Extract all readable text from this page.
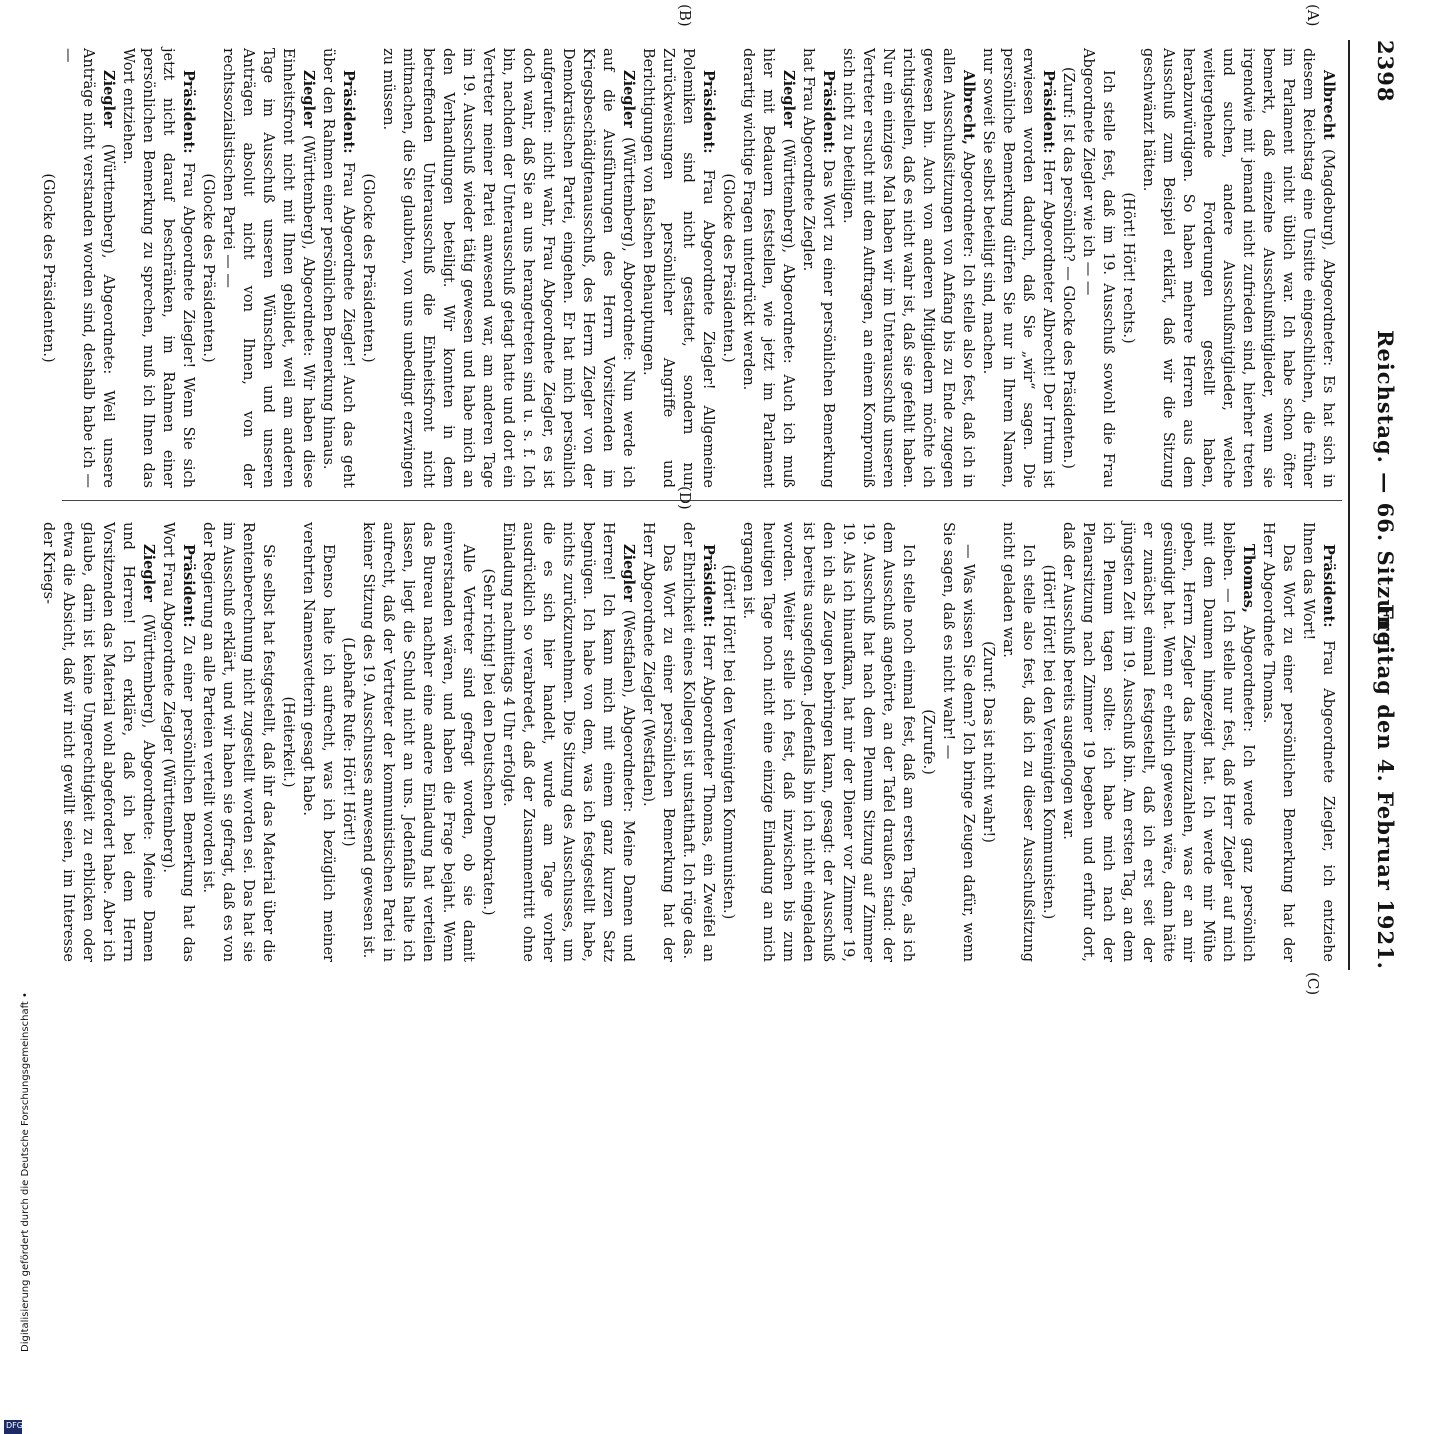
2398
Reichstag. — 66. Sitzung.
Freitag den 4. Februar 1921.
(A)
(B)
(C)
(D)

Albrecht (Magdeburg), Abgeordneter: Es hat sich in diesem Reichstag eine Unsitte eingeschlichen, die früher im Parlament nicht üblich war. Ich habe schon öfter bemerkt, daß einzelne Ausschußmitglieder, wenn sie irgendwie mit jemand nicht zufrieden sind, hierher treten und suchen, andere Ausschußmitglieder, welche weitergehende Forderungen gestellt haben, herabzuwürdigen. So haben mehrere Herren aus dem Ausschuß zum Beispiel erklärt, daß wir die Sitzung geschwänzt hätten.

(Hört! Hört! rechts.)

Ich stelle fest, daß im 19. Ausschuß sowohl die Frau Abgeordnete Ziegler wie ich — —

(Zuruf: Ist das persönlich? — Glocke des Präsidenten.)

Präsident: Herr Abgeordneter Albrecht! Der Irrtum ist erwiesen worden dadurch, daß Sie „wir“ sagen. Die persönliche Bemerkung dürfen Sie nur in Ihrem Namen, nur soweit Sie selbst beteiligt sind, machen.

Albrecht, Abgeordneter: Ich stelle also fest, daß ich in allen Ausschußsitzungen von Anfang bis zu Ende zugegen gewesen bin. Auch von anderen Mitgliedern möchte ich richtigstellen, daß es nicht wahr ist, daß sie gefehlt haben. Nur ein einziges Mal haben wir im Unterausschuß unseren Vertreter ersucht mit dem Auftragen, an einem Kompromiß sich nicht zu beteiligen.

Präsident: Das Wort zu einer persönlichen Bemerkung hat Frau Abgeordnete Ziegler.

Ziegler (Württemberg), Abgeordnete: Auch ich muß hier mit Bedauern feststellen, wie jetzt im Parlament derartig wichtige Fragen unterdrückt werden.

(Glocke des Präsidenten.)

Präsident: Frau Abgeordnete Ziegler! Allgemeine Polemiken sind nicht gestattet, sondern nur Zurückweisungen persönlicher Angriffe und Berichtigungen von falschen Behauptungen.

Ziegler (Württemberg), Abgeordnete: Nun werde ich auf die Ausführungen des Herrn Vorsitzenden im Kriegsbeschädigtenausschuß, des Herrn Ziegler von der Demokratischen Partei, eingehen. Er hat mich persönlich aufgerufen: nicht wahr, Frau Abgeordnete Ziegler, es ist doch wahr, daß Sie an uns herangetreten sind u. s. f. Ich bin, nachdem der Unterausschuß getagt hatte und dort ein Vertreter meiner Partei anwesend war, am anderen Tage im 19. Ausschuß wieder tätig gewesen und habe mich an den Verhandlungen beteiligt. Wir konnten in dem betreffenden Unterausschuß die Einheitsfront nicht mitmachen, die Sie glaubten, von uns unbedingt erzwingen zu müssen.

(Glocke des Präsidenten.)

Präsident: Frau Abgeordnete Ziegler! Auch das geht über den Rahmen einer persönlichen Bemerkung hinaus.

Ziegler (Württemberg), Abgeordnete: Wir haben diese Einheitsfront nicht mit Ihnen gebildet, weil am anderen Tage im Ausschuß unseren Wünschen und unseren Anträgen absolut nicht von Ihnen, von der rechtssozialistischen Partei — —

(Glocke des Präsidenten.)

Präsident: Frau Abgeordnete Ziegler! Wenn Sie sich jetzt nicht darauf beschränken, im Rahmen einer persönlichen Bemerkung zu sprechen, muß ich Ihnen das Wort entziehen.

Ziegler (Württemberg), Abgeordnete: Weil unsere Anträge nicht verstanden worden sind, deshalb habe ich — —

(Glocke des Präsidenten.)

Präsident: Frau Abgeordnete Ziegler, ich entziehe Ihnen das Wort!

Das Wort zu einer persönlichen Bemerkung hat der Herr Abgeordnete Thomas.

Thomas, Abgeordneter: Ich werde ganz persönlich bleiben. — Ich stelle nur fest, daß Herr Ziegler auf mich mit dem Daumen hingezeigt hat. Ich werde mir Mühe geben, Herrn Ziegler das heimzuzahlen, was er an mir gesündigt hat. Wenn er ehrlich gewesen wäre, dann hätte er zunächst einmal festgestellt, daß ich erst seit der jüngsten Zeit im 19. Ausschuß bin. Am ersten Tag, an dem ich Plenum tagen sollte: ich habe mich nach der Plenarsitzung nach Zimmer 19 begeben und erfuhr dort, daß der Ausschuß bereits ausgeflogen war.

(Hört! Hört! bei den Vereinigten Kommunisten.)

Ich stelle also fest, daß ich zu dieser Ausschußsitzung nicht geladen war.

(Zuruf: Das ist nicht wahr!)

— Was wissen Sie denn? Ich bringe Zeugen dafür, wenn Sie sagen, daß es nicht wahr! —

(Zurufe.)

Ich stelle noch einmal fest, daß am ersten Tage, als ich dem Ausschuß angehörte, an der Tafel draußen stand: der 19. Ausschuß hat nach dem Plenum Sitzung auf Zimmer 19. Als ich hinaufkam, hat mir der Diener vor Zimmer 19, den ich als Zeugen bebringen kann, gesagt: der Ausschuß ist bereits ausgeflogen. Jedenfalls bin ich nicht eingeladen worden. Weiter stelle ich fest, daß inzwischen bis zum heutigen Tage noch nicht eine einzige Einladung an mich ergangen ist.

(Hört! Hört! bei den Vereinigten Kommunisten.)

Präsident: Herr Abgeordneter Thomas, ein Zweifel an der Ehrlichkeit eines Kollegen ist unstatthaft. Ich rüge das.

Das Wort zu einer persönlichen Bemerkung hat der Herr Abgeordnete Ziegler (Westfalen).

Ziegler (Westfalen), Abgeordneter: Meine Damen und Herren! Ich kann mich mit einem ganz kurzen Satz begnügen. Ich habe von dem, was ich festgestellt habe, nichts zurückzunehmen. Die Sitzung des Ausschusses, um die es sich hier handelt, wurde am Tage vorher ausdrücklich so verabredet, daß der Zusammentritt ohne Einladung nachmittags 4 Uhr erfolgte.

(Sehr richtig! bei den Deutschen Demokraten.)

Alle Vertreter sind gefragt worden, ob sie damit einverstanden wären, und haben die Frage bejaht. Wenn das Bureau nachher eine andere Einladung hat verteilen lassen, liegt die Schuld nicht an uns. Jedenfalls halte ich aufrecht, daß der Vertreter der kommunistischen Partei in keiner Sitzung des 19. Ausschusses anwesend gewesen ist.

(Lebhafte Rufe: Hört! Hört!)

Ebenso halte ich aufrecht, was ich bezüglich meiner verehrten Namensvetterin gesagt habe.

(Heiterkeit.)

Sie selbst hat festgestellt, daß ihr das Material über die Rentenberechnung nicht zugestellt worden sei. Das hat sie im Ausschuß erklärt, und wir haben sie gefragt, daß es von der Regierung an alle Parteien verteilt worden ist.

Präsident: Zu einer persönlichen Bemerkung hat das Wort Frau Abgeordnete Ziegler (Württemberg).

Ziegler (Württemberg), Abgeordnete: Meine Damen und Herren! Ich erkläre, daß ich bei dem Herrn Vorsitzenden das Material wohl abgefordert habe. Aber ich glaube, darin ist keine Ungerechtigkeit zu erblicken oder etwa die Absicht, daß wir nicht gewillt seien, im Interesse der Kriegs-

Digitalisierung gefördert durch die Deutsche Forschungsgemeinschaft •
DFG
